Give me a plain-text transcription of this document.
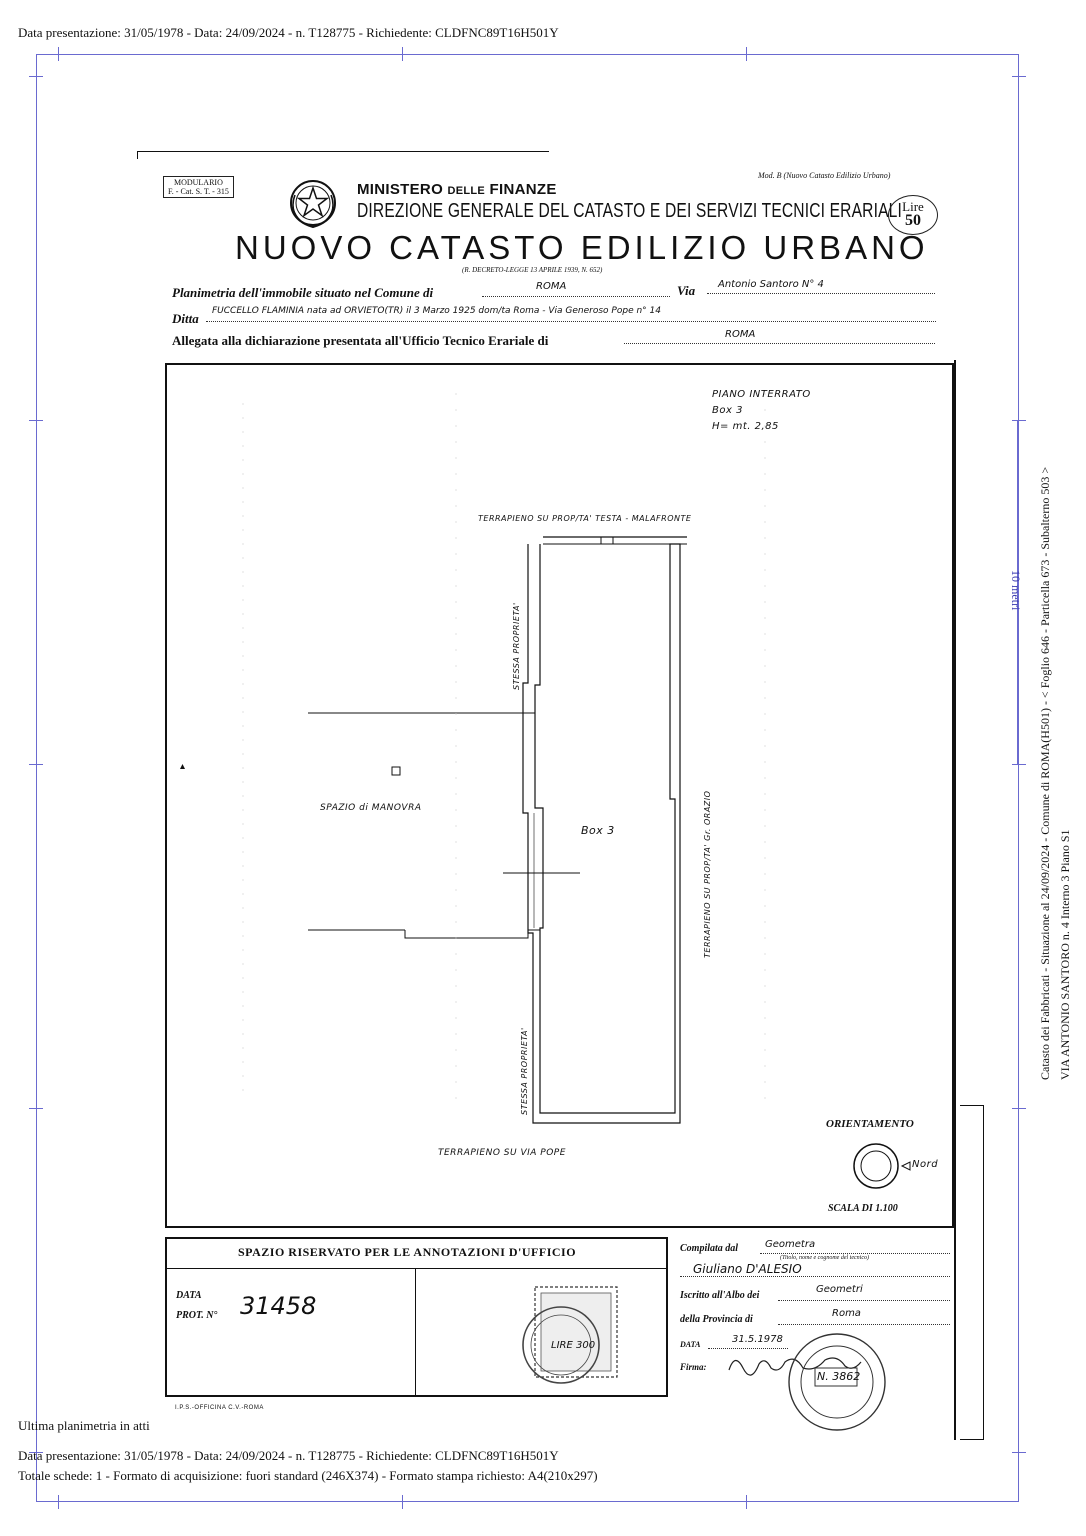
Data presentazione: 31/05/1978 - Data: 24/09/2024 - n. T128775 - Richiedente: CLDFNC89T16H501Y
10 metri
MODULARIO
F. - Cat. S. T. - 315
Mod. B (Nuovo Catasto Edilizio Urbano)
MINISTERO DELLE FINANZE
DIREZIONE GENERALE DEL CATASTO E DEI SERVIZI TECNICI ERARIALI Lire
50
NUOVO CATASTO EDILIZIO URBANO
(R. DECRETO-LEGGE 13 APRILE 1939, N. 652)
Planimetria dell'immobile situato nel Comune di	ROMA	Via Antonio Santoro N° 4
Ditta FUCCELLO FLAMINIA nata ad ORVIETO(TR) il 3 Marzo 1925 dom/ta Roma - Via Generoso Pope n° 14
Allegata alla dichiarazione presentata all'Ufficio Tecnico Erariale di	ROMA
PIANO INTERRATO
Box 3
H= mt. 2,85
TERRAPIENO SU PROP/TA' TESTA - MALAFRONTE
STESSA PROPRIETA'
STESSA PROPRIETA'
TERRAPIENO SU PROP/TA' Gr. ORAZIO
SPAZIO di MANOVRA
Box 3
TERRAPIENO SU VIA POPE
ORIENTAMENTO
Nord
SCALA DI 1.100
SPAZIO RISERVATO PER LE ANNOTAZIONI D'UFFICIO
DATA
PROT. N° 31458
I.P.S.-OFFICINA C.V.-ROMA
LIRE 300
Compilata dal	Geometra
(Titolo, nome e cognome del tecnico)
Giuliano D'ALESIO
Iscritto all'Albo dei
Geometri
della Provincia di
Roma
DATA	31.5.1978
Firma:
N. 3862
Catasto dei Fabbricati - Situazione al 24/09/2024 - Comune di ROMA(H501) - < Foglio 646 - Particella 673 - Subalterno 503 > VIA ANTONIO SANTORO n. 4 Interno 3 Piano S1
Ultima planimetria in atti
Data presentazione: 31/05/1978 - Data: 24/09/2024 - n. T128775 - Richiedente: CLDFNC89T16H501Y
Totale schede: 1 - Formato di acquisizione: fuori standard (246X374) - Formato stampa richiesto: A4(210x297)
